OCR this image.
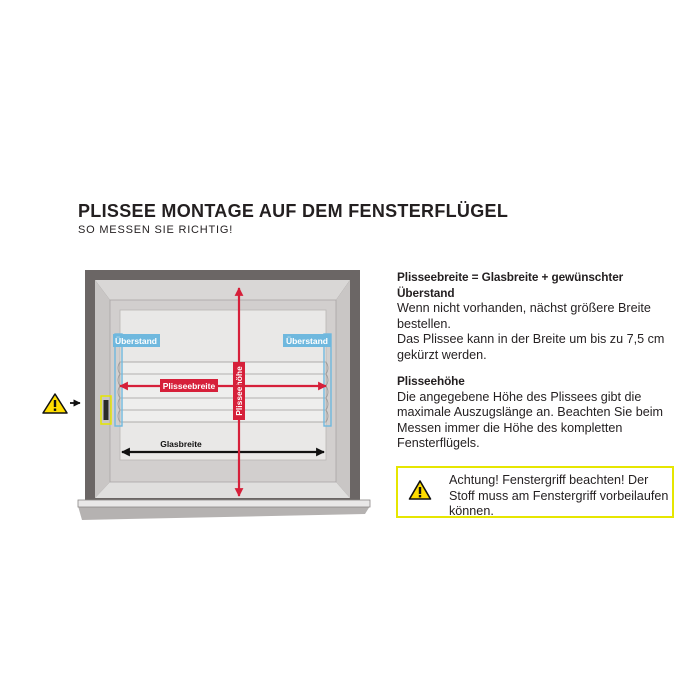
PLISSEE MONTAGE AUF DEM FENSTERFLÜGEL
SO MESSEN SIE RICHTIG!
Überstand	Überstand
Glasbreite
Plisseehöhe
Plisseebreite

Plisseebreite = Glasbreite + gewünschter Überstand

Wenn nicht vorhanden, nächst größere Breite bestellen.

Das Plissee kann in der Breite um bis zu 7,5 cm gekürzt werden.

Plisseehöhe

Die angegebene Höhe des Plissees gibt die maximale Auszugslänge an. Beachten Sie beim Messen immer die Höhe des kompletten Fensterflügels.

Achtung! Fenstergriff beachten! Der Stoff muss am Fenstergriff vorbeilaufen können.
